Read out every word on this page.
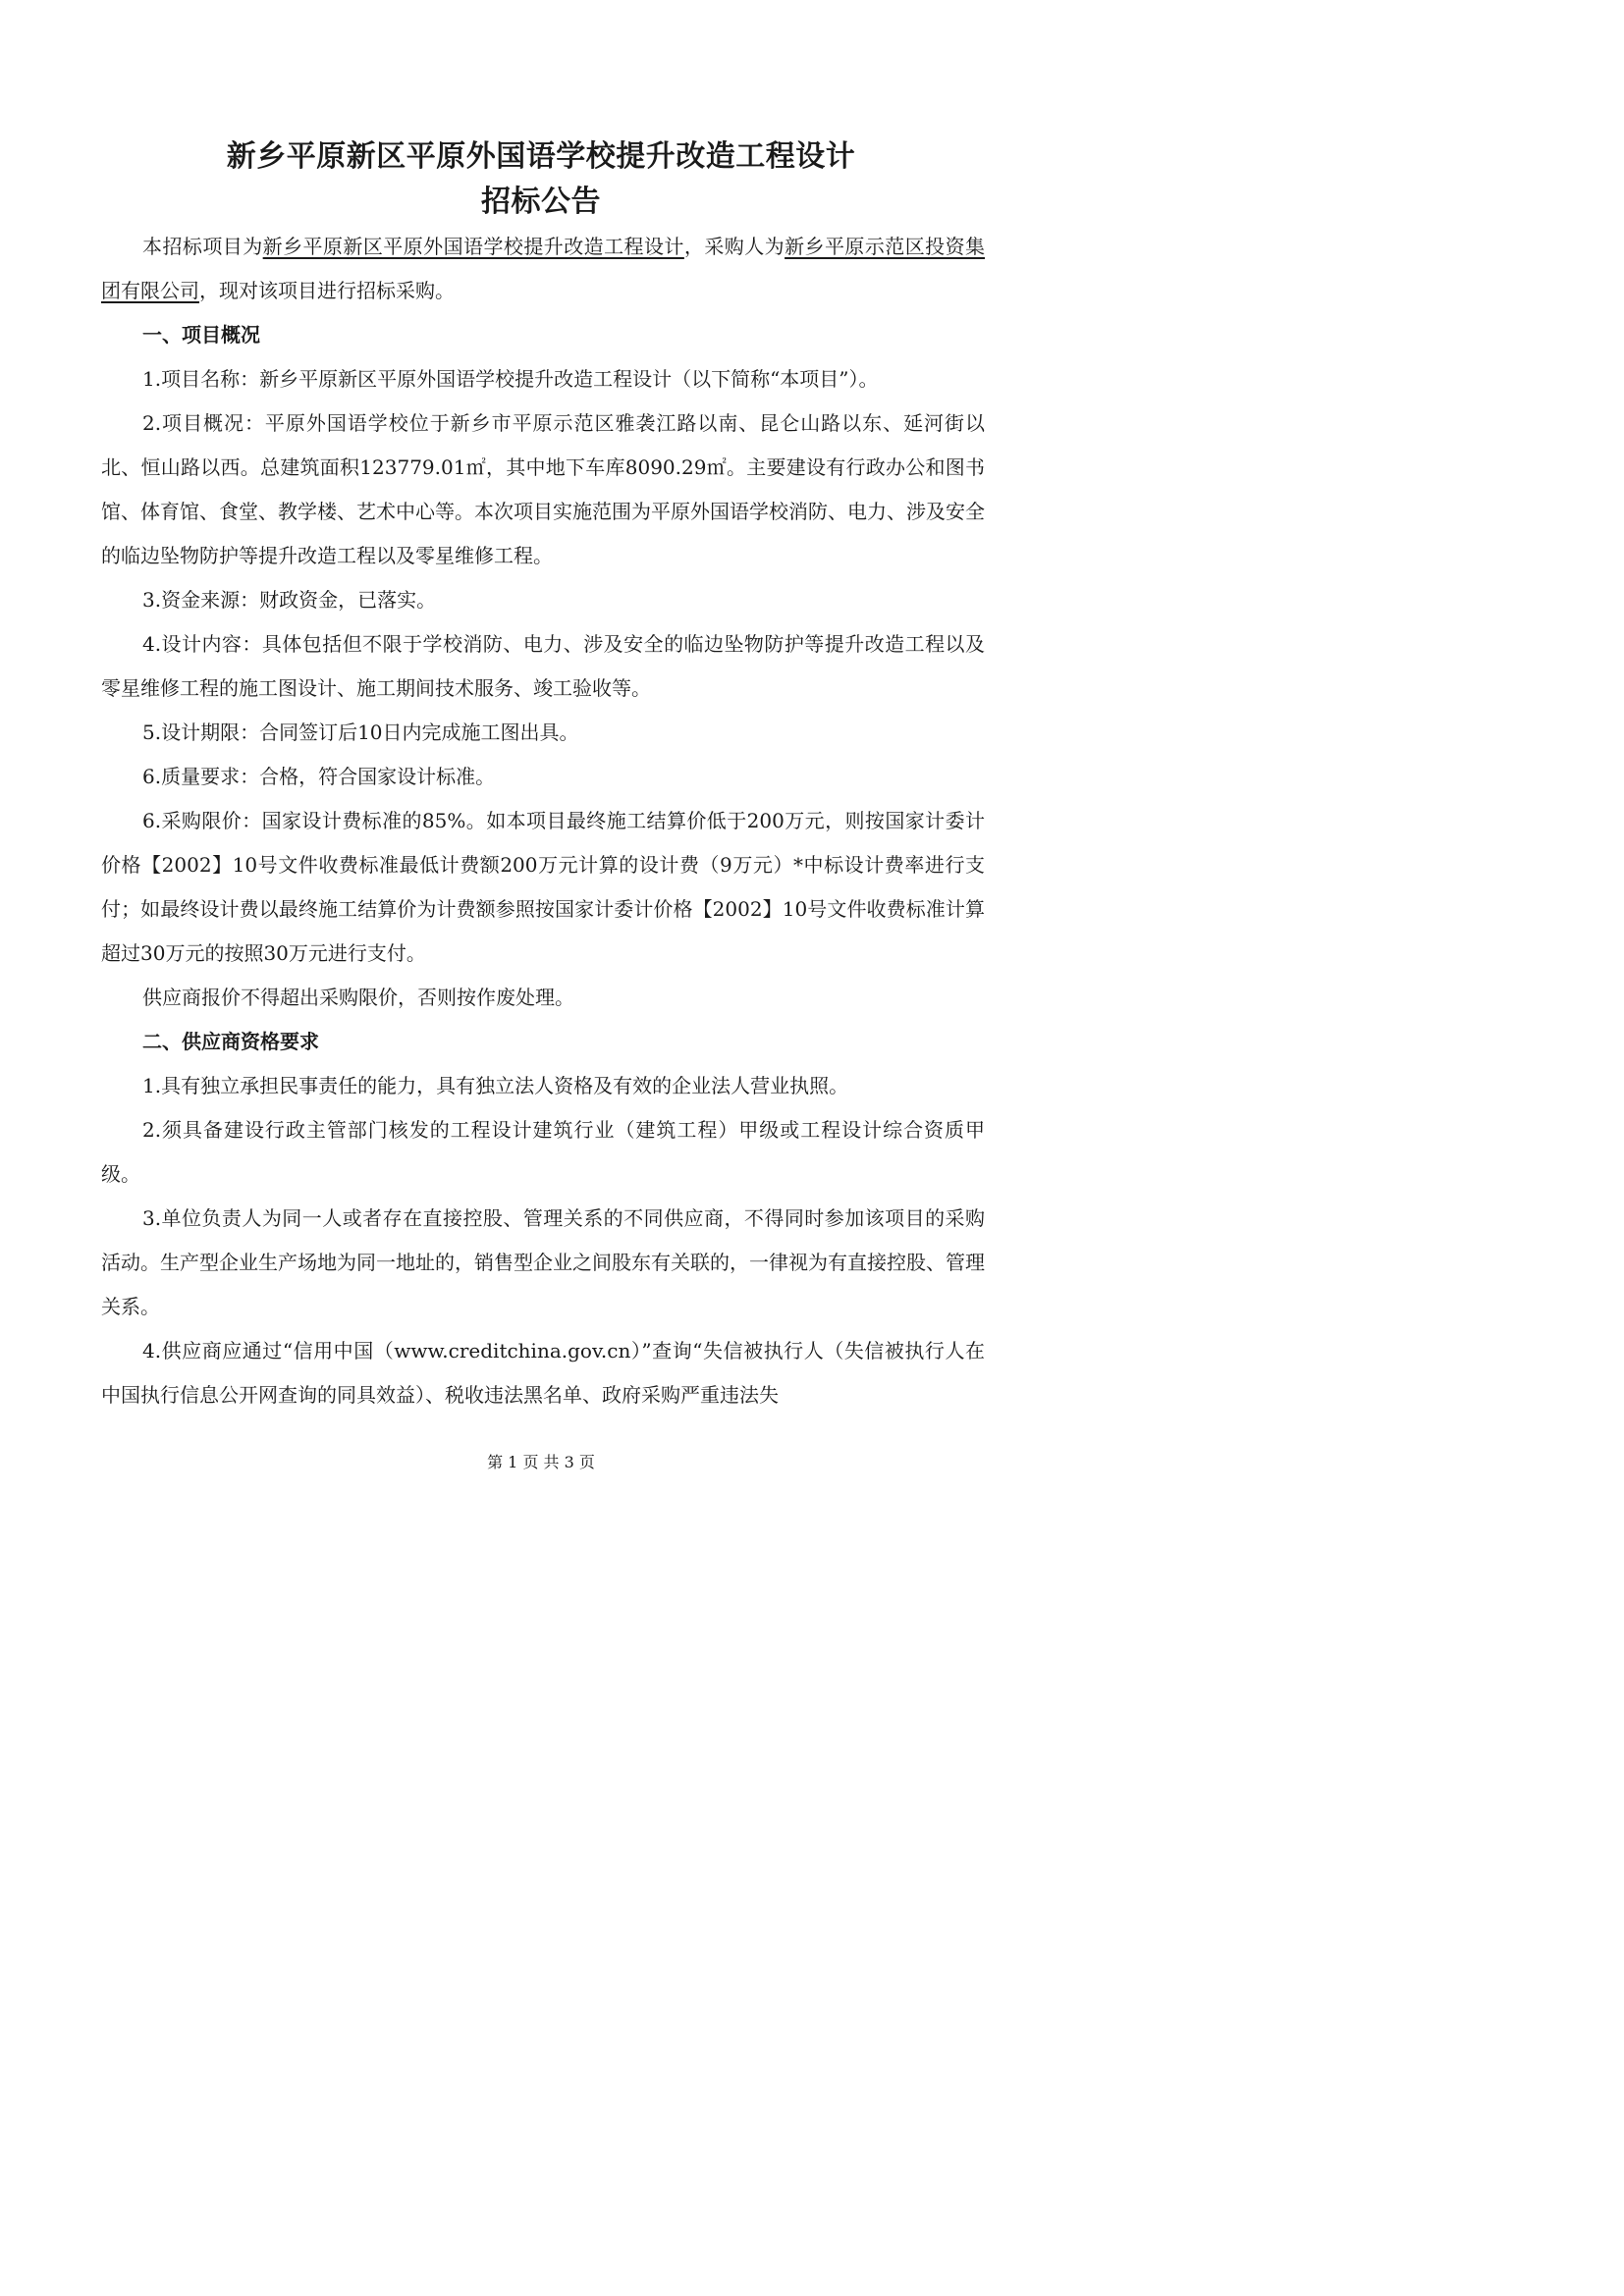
新乡平原新区平原外国语学校提升改造工程设计
招标公告

本招标项目为新乡平原新区平原外国语学校提升改造工程设计，采购人为新乡平原示范区投资集团有限公司，现对该项目进行招标采购。

一、项目概况

1.项目名称：新乡平原新区平原外国语学校提升改造工程设计（以下简称“本项目”）。

2.项目概况：平原外国语学校位于新乡市平原示范区雅袭江路以南、昆仑山路以东、延河街以北、恒山路以西。总建筑面积123779.01㎡，其中地下车库8090.29㎡。主要建设有行政办公和图书馆、体育馆、食堂、教学楼、艺术中心等。本次项目实施范围为平原外国语学校消防、电力、涉及安全的临边坠物防护等提升改造工程以及零星维修工程。

3.资金来源：财政资金，已落实。

4.设计内容：具体包括但不限于学校消防、电力、涉及安全的临边坠物防护等提升改造工程以及零星维修工程的施工图设计、施工期间技术服务、竣工验收等。

5.设计期限：合同签订后10日内完成施工图出具。

6.质量要求：合格，符合国家设计标准。

6.采购限价：国家设计费标准的85%。如本项目最终施工结算价低于200万元，则按国家计委计价格【2002】10号文件收费标准最低计费额200万元计算的设计费（9万元）*中标设计费率进行支付；如最终设计费以最终施工结算价为计费额参照按国家计委计价格【2002】10号文件收费标准计算超过30万元的按照30万元进行支付。

供应商报价不得超出采购限价，否则按作废处理。

二、供应商资格要求

1.具有独立承担民事责任的能力，具有独立法人资格及有效的企业法人营业执照。

2.须具备建设行政主管部门核发的工程设计建筑行业（建筑工程）甲级或工程设计综合资质甲级。

3.单位负责人为同一人或者存在直接控股、管理关系的不同供应商，不得同时参加该项目的采购活动。生产型企业生产场地为同一地址的，销售型企业之间股东有关联的，一律视为有直接控股、管理关系。

4.供应商应通过“信用中国（www.creditchina.gov.cn）”查询“失信被执行人（失信被执行人在中国执行信息公开网查询的同具效益）、税收违法黑名单、政府采购严重违法失

第 1 页 共 3 页
